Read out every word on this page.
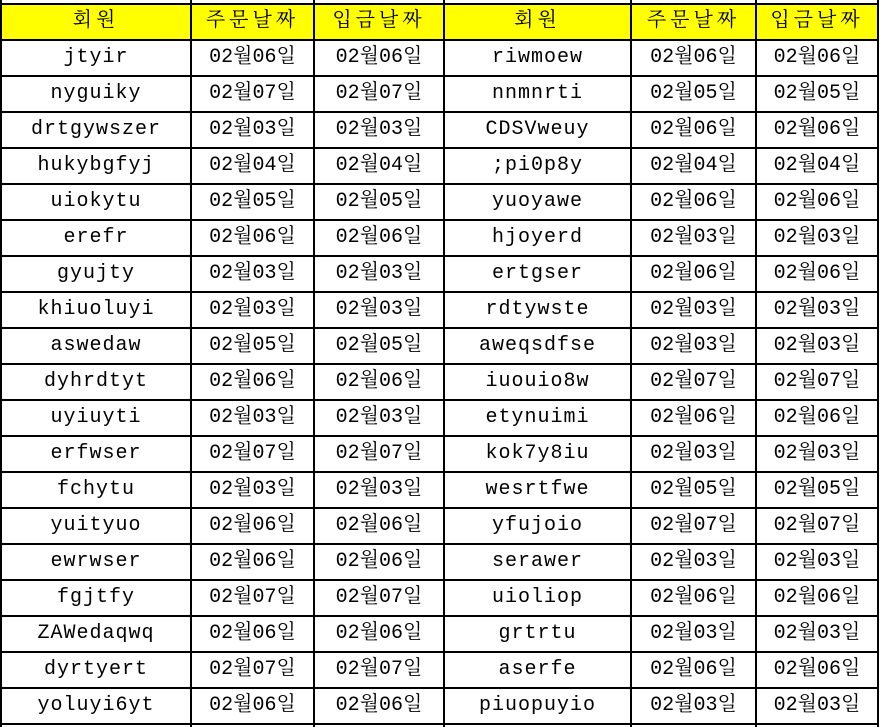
회원	주문날짜	입금날짜	회원	주문날짜	입금날짜
jtyir	02월06일	02월06일	riwmoew	02월06일	02월06일
nyguiky	02월07일	02월07일	nnmnrti	02월05일	02월05일
drtgywszer	02월03일	02월03일	CDSVweuy	02월06일	02월06일
hukybgfyj	02월04일	02월04일	;pi0p8y	02월04일	02월04일
uiokytu	02월05일	02월05일	yuoyawe	02월06일	02월06일
erefr	02월06일	02월06일	hjoyerd	02월03일	02월03일
gyujty	02월03일	02월03일	ertgser	02월06일	02월06일
khiuoluyi	02월03일	02월03일	rdtywste	02월03일	02월03일
aswedaw	02월05일	02월05일	aweqsdfse	02월03일	02월03일
dyhrdtyt	02월06일	02월06일	iuouio8w	02월07일	02월07일
uyiuyti	02월03일	02월03일	etynuimi	02월06일	02월06일
erfwser	02월07일	02월07일	kok7y8iu	02월03일	02월03일
fchytu	02월03일	02월03일	wesrtfwe	02월05일	02월05일
yuityuo	02월06일	02월06일	yfujoio	02월07일	02월07일
ewrwser	02월06일	02월06일	serawer	02월03일	02월03일
fgjtfy	02월07일	02월07일	uioliop	02월06일	02월06일
ZAWedaqwq	02월06일	02월06일	grtrtu	02월03일	02월03일
dyrtyert	02월07일	02월07일	aserfe	02월06일	02월06일
yoluyi6yt	02월06일	02월06일	piuopuyio	02월03일	02월03일
